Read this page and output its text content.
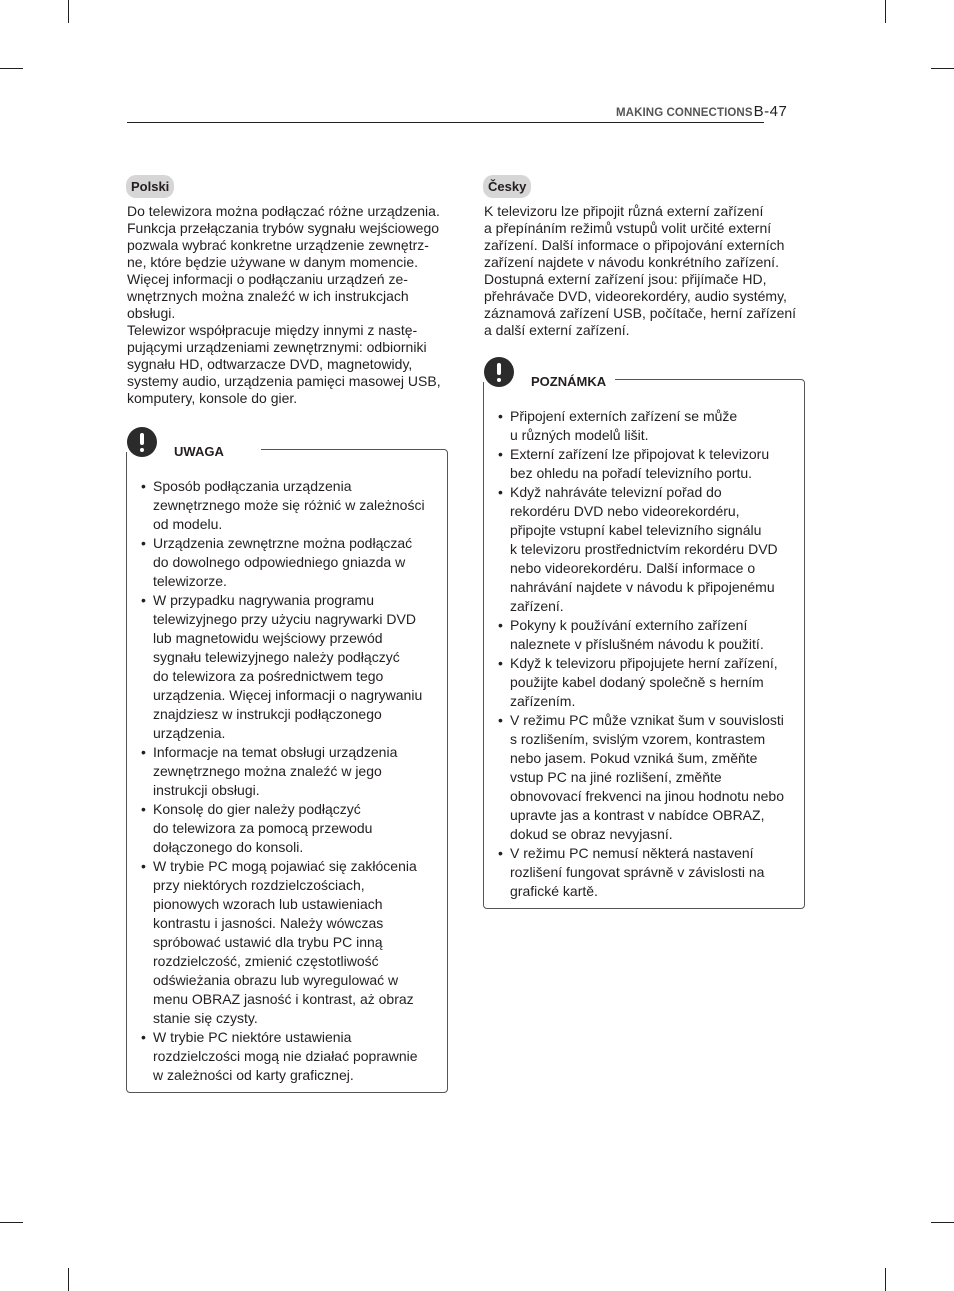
MAKING CONNECTIONSB-47
Polski
Do telewizora można podłączać różne urządzenia.
Funkcja przełączania trybów sygnału wejściowego
pozwala wybrać konkretne urządzenie zewnętrz-
ne, które będzie używane w danym momencie.
Więcej informacji o podłączaniu urządzeń ze-
wnętrznych można znaleźć w ich instrukcjach
obsługi.
Telewizor współpracuje między innymi z nastę-
pującymi urządzeniami zewnętrznymi: odbiorniki
sygnału HD, odtwarzacze DVD, magnetowidy,
systemy audio, urządzenia pamięci masowej USB,
komputery, konsole do gier.
• Sposób podłączania urządzenia
zewnętrznego może się różnić w zależności
od modelu.
• Urządzenia zewnętrzne można podłączać
do dowolnego odpowiedniego gniazda w
telewizorze.
• W przypadku nagrywania programu
telewizyjnego przy użyciu nagrywarki DVD
lub magnetowidu wejściowy przewód
sygnału telewizyjnego należy podłączyć
do telewizora za pośrednictwem tego
urządzenia. Więcej informacji o nagrywaniu
znajdziesz w instrukcji podłączonego
urządzenia.
• Informacje na temat obsługi urządzenia
zewnętrznego można znaleźć w jego
instrukcji obsługi.
• Konsolę do gier należy podłączyć
do telewizora za pomocą przewodu
dołączonego do konsoli.
• W trybie PC mogą pojawiać się zakłócenia
przy niektórych rozdzielczościach,
pionowych wzorach lub ustawieniach
kontrastu i jasności. Należy wówczas
spróbować ustawić dla trybu PC inną
rozdzielczość, zmienić częstotliwość
odświeżania obrazu lub wyregulować w
menu OBRAZ jasność i kontrast, aż obraz
stanie się czysty.
• W trybie PC niektóre ustawienia
rozdzielczości mogą nie działać poprawnie
w zależności od karty graficznej.
UWAGA
Česky
K televizoru lze připojit různá externí zařízení
a přepínáním režimů vstupů volit určité externí
zařízení. Další informace o připojování externích
zařízení najdete v návodu konkrétního zařízení.
Dostupná externí zařízení jsou: přijímače HD,
přehrávače DVD, videorekordéry, audio systémy,
záznamová zařízení USB, počítače, herní zařízení
a další externí zařízení.
• Připojení externích zařízení se může
u různých modelů lišit.
• Externí zařízení lze připojovat k televizoru
bez ohledu na pořadí televizního portu.
• Když nahráváte televizní pořad do
rekordéru DVD nebo videorekordéru,
připojte vstupní kabel televizního signálu
k televizoru prostřednictvím rekordéru DVD
nebo videorekordéru. Další informace o
nahrávání najdete v návodu k připojenému
zařízení.
• Pokyny k používání externího zařízení
naleznete v příslušném návodu k použití.
• Když k televizoru připojujete herní zařízení,
použijte kabel dodaný společně s herním
zařízením.
• V režimu PC může vznikat šum v souvislosti
s rozlišením, svislým vzorem, kontrastem
nebo jasem. Pokud vzniká šum, změňte
vstup PC na jiné rozlišení, změňte
obnovovací frekvenci na jinou hodnotu nebo
upravte jas a kontrast v nabídce OBRAZ,
dokud se obraz nevyjasní.
• V režimu PC nemusí některá nastavení
rozlišení fungovat správně v závislosti na
grafické kartě.
POZNÁMKA
